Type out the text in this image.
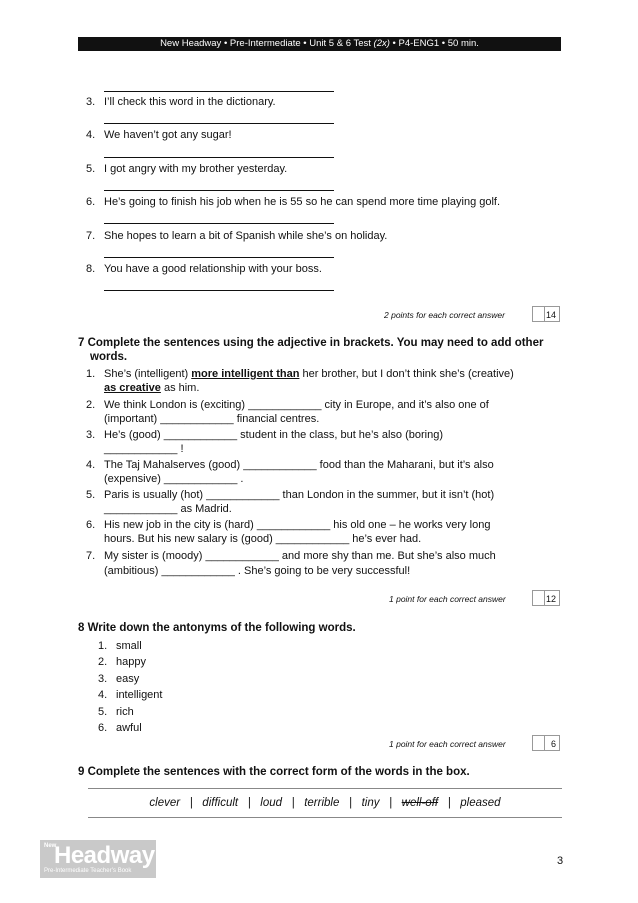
New Headway • Pre-Intermediate • Unit 5 & 6 Test (2x) • P4-ENG1 • 50 min.
3. I’ll check this word in the dictionary.
4. We haven’t got any sugar!
5. I got angry with my brother yesterday.
6. He’s going to finish his job when he is 55 so he can spend more time playing golf.
7. She hopes to learn a bit of Spanish while she’s on holiday.
8. You have a good relationship with your boss.
2 points for each correct answer	14
7 Complete the sentences using the adjective in brackets. You may need to add other
words.
1. She’s (intelligent) more intelligent than her brother, but I don’t think she’s (creative)
as creative as him.
2. We think London is (exciting) ____________ city in Europe, and it’s also one of
(important) ____________ financial centres.
3. He’s (good) ____________ student in the class, but he’s also (boring)
____________ !
4. The Taj Mahalserves (good) ____________ food than the Maharani, but it’s also
(expensive) ____________ .
5. Paris is usually (hot) ____________ than London in the summer, but it isn’t (hot)
____________ as Madrid.
6. His new job in the city is (hard) ____________ his old one – he works very long
hours. But his new salary is (good) ____________ he’s ever had.
7. My sister is (moody) ____________ and more shy than me. But she’s also much
(ambitious) ____________ . She’s going to be very successful!
1 point for each correct answer	12
8 Write down the antonyms of the following words.
1. small
2. happy
3. easy
4. intelligent
5. rich
6. awful
1 point for each correct answer	6
9 Complete the sentences with the correct form of the words in the box.
clever | difficult | loud | terrible | tiny | well-off | pleased
New
Headway
Pre-Intermediate Teacher’s Book
3
